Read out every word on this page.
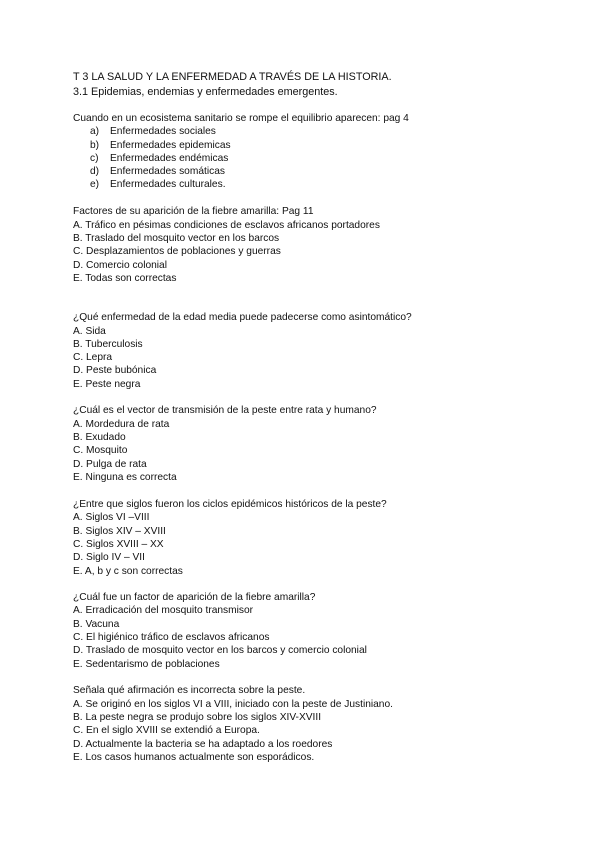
T 3 LA SALUD Y LA ENFERMEDAD A TRAVÉS DE LA HISTORIA.
3.1 Epidemias, endemias y enfermedades emergentes.
Cuando en un ecosistema sanitario se rompe el equilibrio aparecen: pag 4
a) Enfermedades sociales
b) Enfermedades epidemicas
c) Enfermedades endémicas
d) Enfermedades somáticas
e) Enfermedades culturales.
Factores de su aparición de la fiebre amarilla: Pag 11
A. Tráfico en pésimas condiciones de esclavos africanos portadores
B. Traslado del mosquito vector en los barcos
C. Desplazamientos de poblaciones y guerras
D. Comercio colonial
E. Todas son correctas
¿Qué enfermedad de la edad media puede padecerse como asintomático?
A. Sida
B. Tuberculosis
C. Lepra
D. Peste bubónica
E. Peste negra
¿Cuál es el vector de transmisión de la peste entre rata y humano?
A. Mordedura de rata
B. Exudado
C. Mosquito
D. Pulga de rata
E. Ninguna es correcta
¿Entre que siglos fueron los ciclos epidémicos históricos de la peste?
A. Siglos VI –VIII
B. Siglos XIV – XVIII
C. Siglos XVIII – XX
D. Siglo IV – VII
E. A, b y c son correctas
¿Cuál fue un factor de aparición de la fiebre amarilla?
A. Erradicación del mosquito transmisor
B. Vacuna
C. El higiénico tráfico de esclavos africanos
D. Traslado de mosquito vector en los barcos y comercio colonial
E. Sedentarismo de poblaciones
Señala qué afirmación es incorrecta sobre la peste.
A. Se originó en los siglos VI a VIII, iniciado con la peste de Justiniano.
B. La peste negra se produjo sobre los siglos XIV-XVIII
C. En el siglo XVIII se extendió a Europa.
D. Actualmente la bacteria se ha adaptado a los roedores
E. Los casos humanos actualmente son esporádicos.
